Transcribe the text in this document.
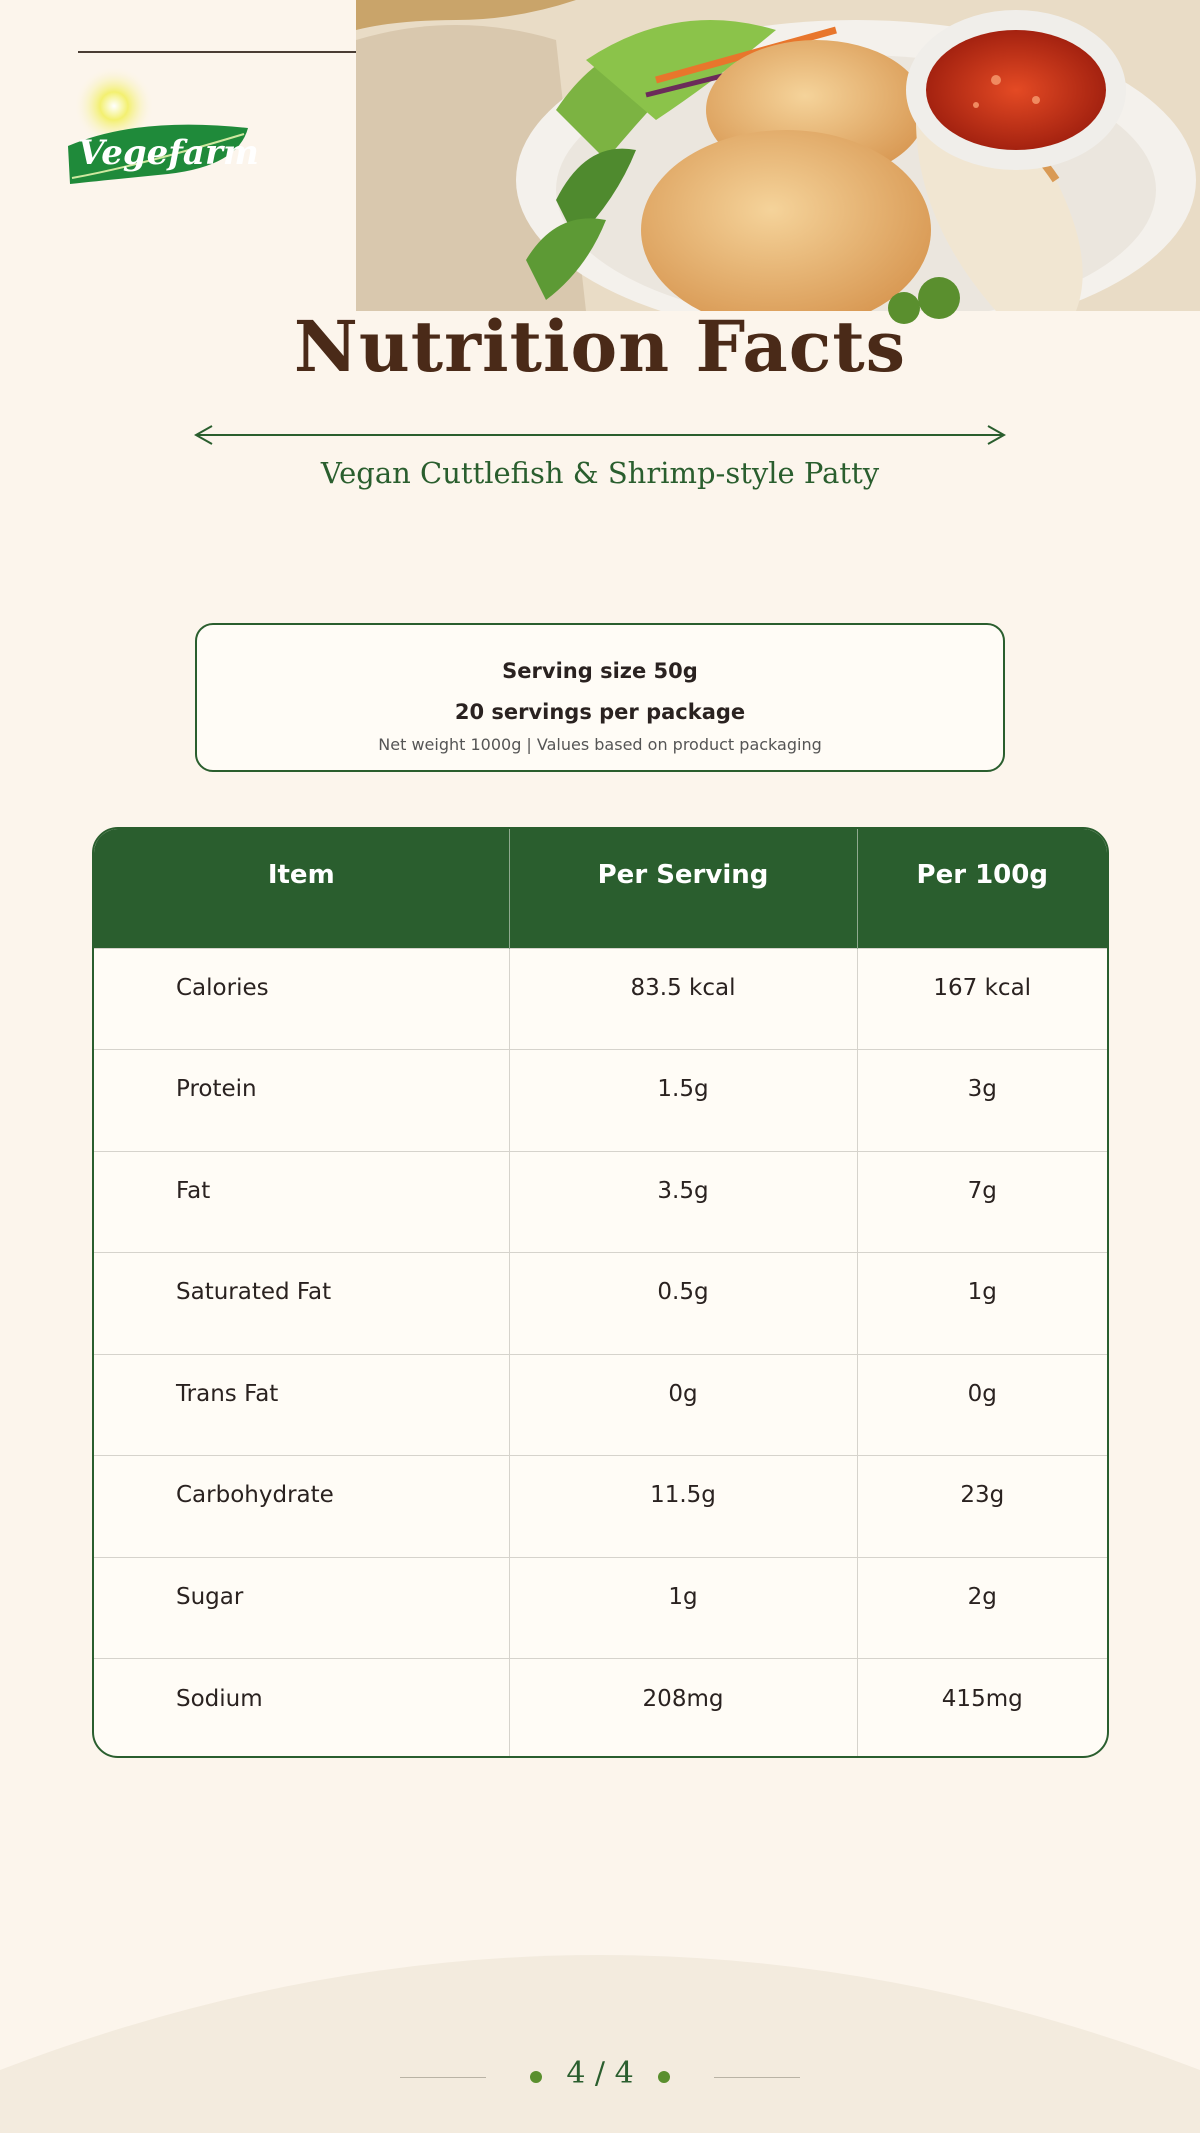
Vegefarm
Nutrition Facts
Vegan Cuttlefish & Shrimp-style Patty
Serving size 50g
20 servings per package
Net weight 1000g | Values based on product packaging
Item	Per Serving	Per 100g
Calories	83.5 kcal	167 kcal
Protein	1.5g	3g
Fat	3.5g	7g
Saturated Fat	0.5g	1g
Trans Fat	0g	0g
Carbohydrate	11.5g	23g
Sugar	1g	2g
Sodium	208mg	415mg
4 / 4
